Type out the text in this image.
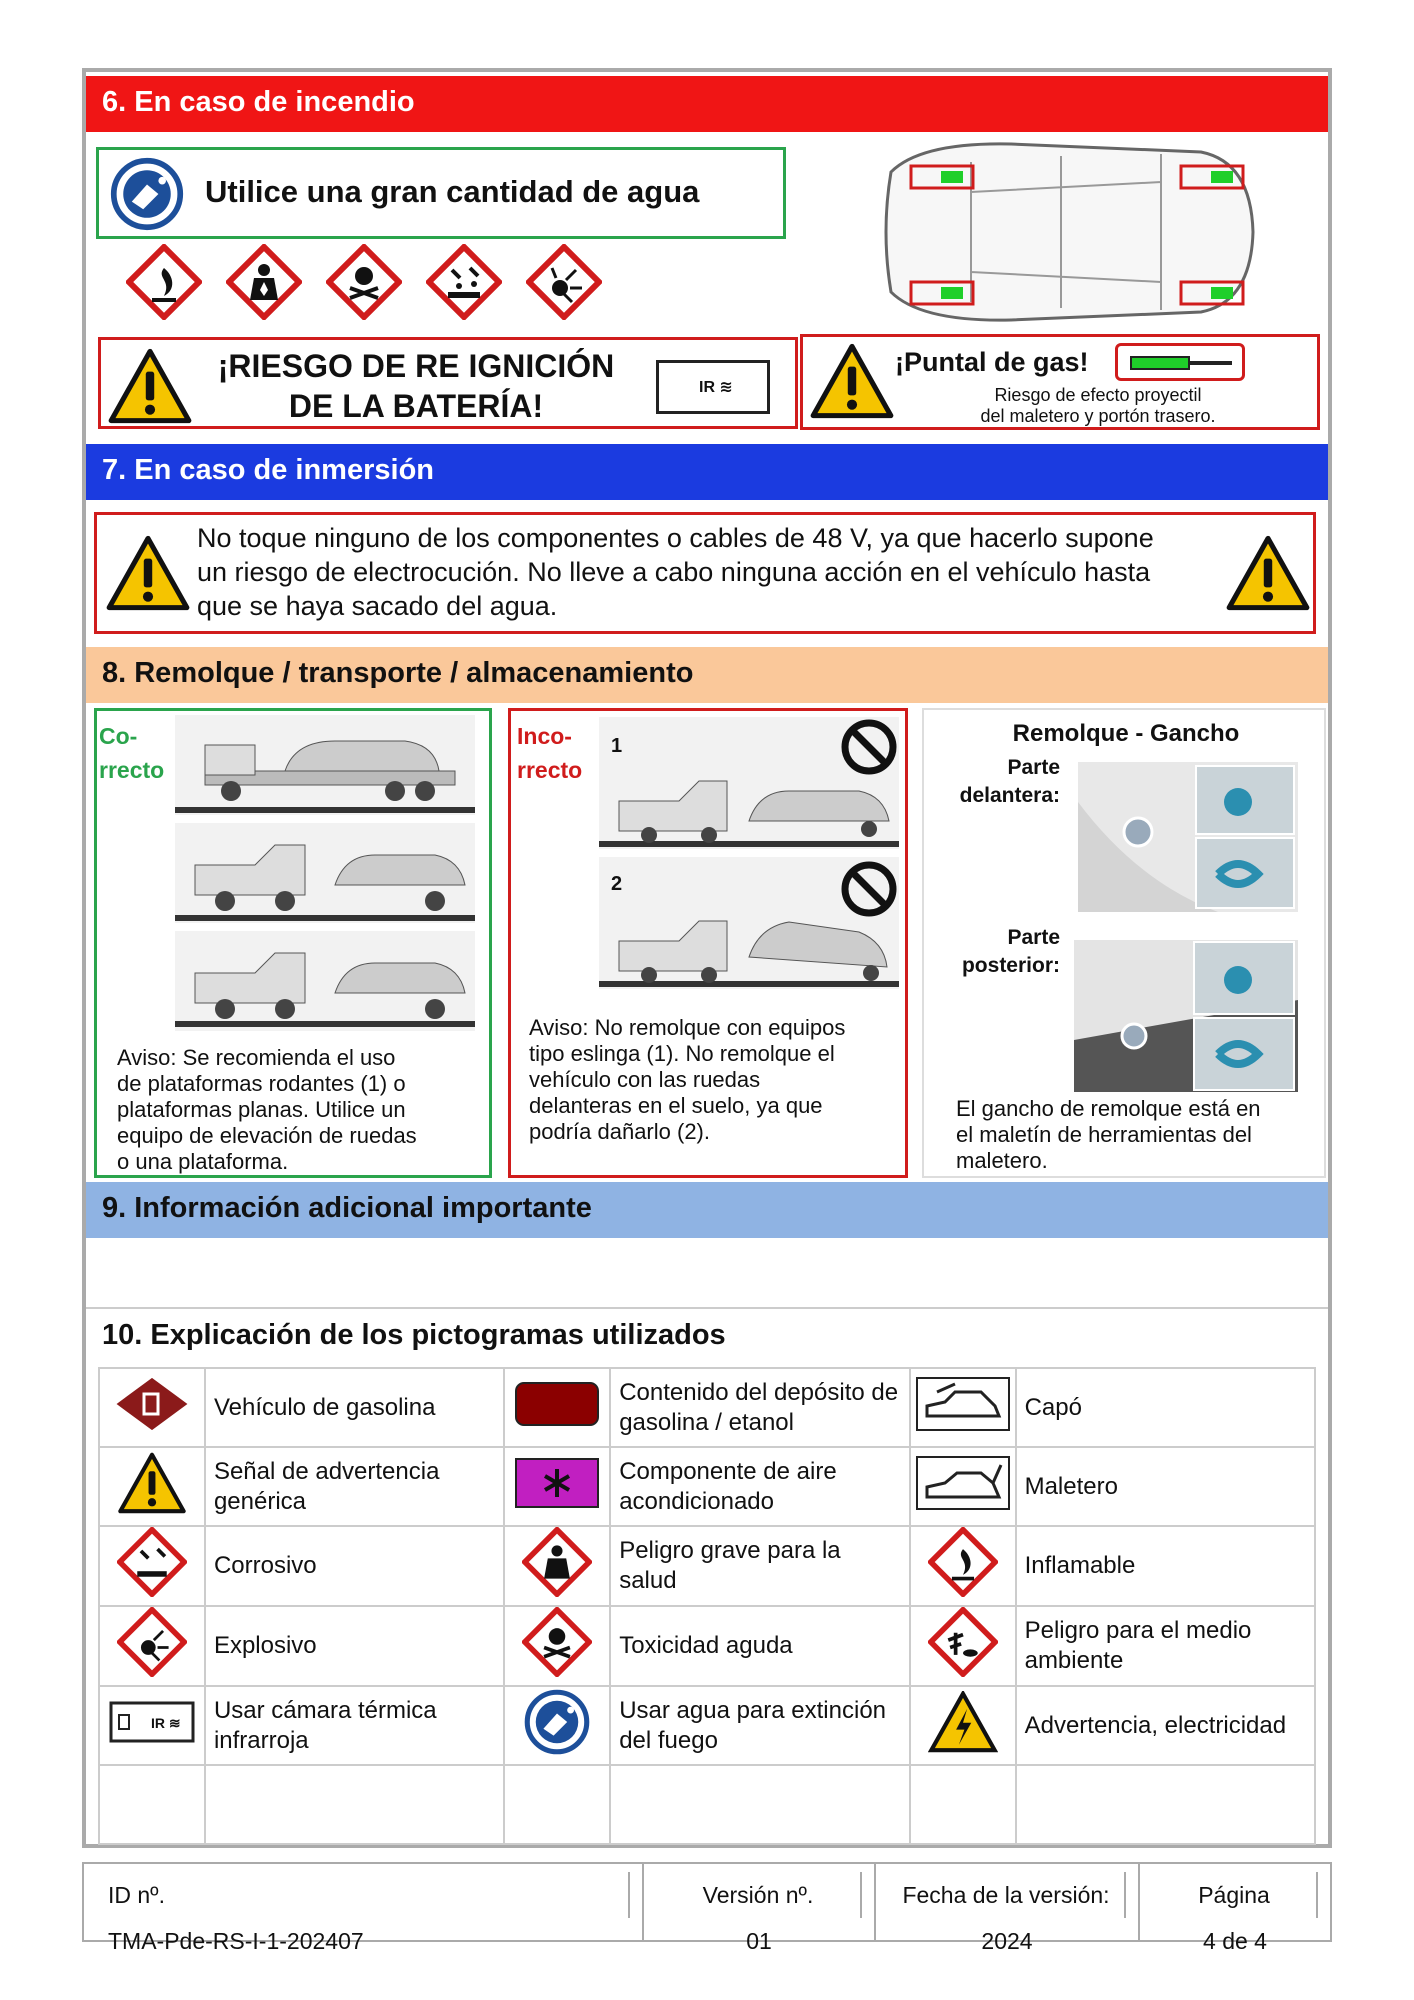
6. En caso de incendio
Utilice una gran cantidad de agua
¡RIESGO DE RE IGNICIÓN
DE LA BATERÍA!
IR ≋
¡Puntal de gas!
Riesgo de efecto proyectil
del maletero y portón trasero.
7. En caso de inmersión
No toque ninguno de los componentes o cables de 48 V, ya que hacerlo supone
un riesgo de electrocución. No lleve a cabo ninguna acción en el vehículo hasta
que se haya sacado del agua.
8. Remolque / transporte / almacenamiento
Co-
rrecto
Aviso: Se recomienda el uso
de plataformas rodantes (1) o
plataformas planas. Utilice un
equipo de elevación de ruedas
o una plataforma.
Inco-
rrecto
1
2
Aviso: No remolque con equipos
tipo eslinga (1). No remolque el
vehículo con las ruedas
delanteras en el suelo, ya que
podría dañarlo (2).
Remolque - Gancho
Parte
delantera:
Parte
posterior:
El gancho de remolque está en
el maletín de herramientas del
maletero.
9. Información adicional importante
10. Explicación de los pictogramas utilizados
	Vehículo de gasolina		Contenido del depósito de gasolina / etanol		Capó
	Señal de advertencia genérica		Componente de aire acondicionado		Maletero
	Corrosivo		Peligro grave para la salud		Inflamable
	Explosivo		Toxicidad aguda		Peligro para el medio ambiente

IR ≋	Usar cámara térmica infrarroja		Usar agua para extinción del fuego		Advertencia, electricidad

ID nº.
TMA-Pde-RS-I-1-202407
Versión nº.
01
Fecha de la versión:
2024
Página
4 de 4
